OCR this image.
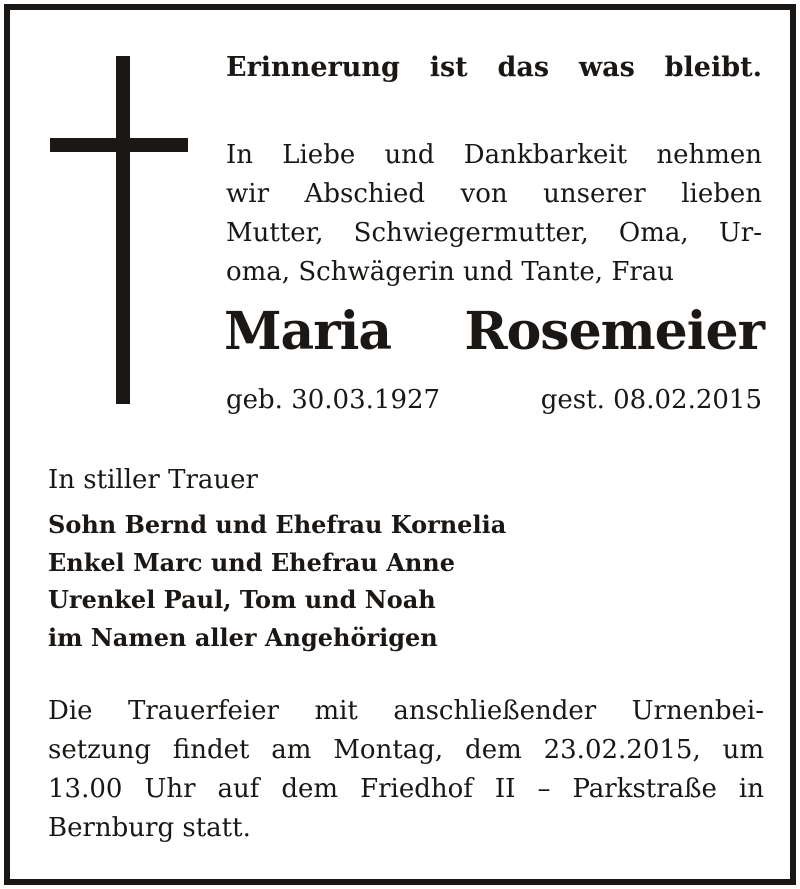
Erinnerung ist das was bleibt.
In Liebe und Dankbarkeit nehmen
wir Abschied von unserer lieben
Mutter, Schwiegermutter, Oma, Ur-
oma, Schwägerin und Tante, Frau
Maria Rosemeier
geb. 30.03.1927	gest. 08.02.2015
In stiller Trauer
Sohn Bernd und Ehefrau Kornelia
Enkel Marc und Ehefrau Anne
Urenkel Paul, Tom und Noah
im Namen aller Angehörigen
Die Trauerfeier mit anschließender Urnenbei-
setzung findet am Montag, dem 23.02.2015, um
13.00 Uhr auf dem Friedhof II – Parkstraße in
Bernburg statt.
